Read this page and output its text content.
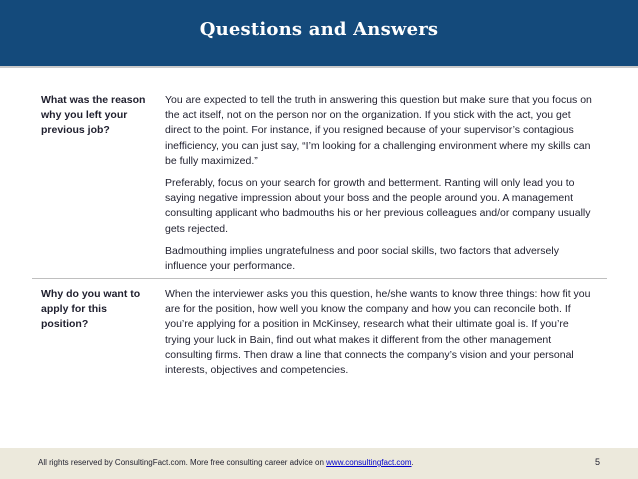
Questions and Answers
What was the reason why you left your previous job?

You are expected to tell the truth in answering this question but make sure that you focus on the act itself, not on the person nor on the organization. If you stick with the act, you get direct to the point. For instance, if you resigned because of your supervisor’s contagious inefficiency, you can just say, “I’m looking for a challenging environment where my skills can be fully maximized.”

Preferably, focus on your search for growth and betterment. Ranting will only lead you to saying negative impression about your boss and the people around you. A management consulting applicant who badmouths his or her previous colleagues and/or company usually gets rejected.

Badmouthing implies ungratefulness and poor social skills, two factors that adversely influence your performance.

Why do you want to apply for this position?

When the interviewer asks you this question, he/she wants to know three things: how fit you are for the position, how well you know the company and how you can reconcile both. If you’re applying for a position in McKinsey, research what their ultimate goal is. If you’re trying your luck in Bain, find out what makes it different from the other management consulting firms. Then draw a line that connects the company’s vision and your personal interests, objectives and competencies.

All rights reserved by ConsultingFact.com. More free consulting career advice on www.consultingfact.com.	5
